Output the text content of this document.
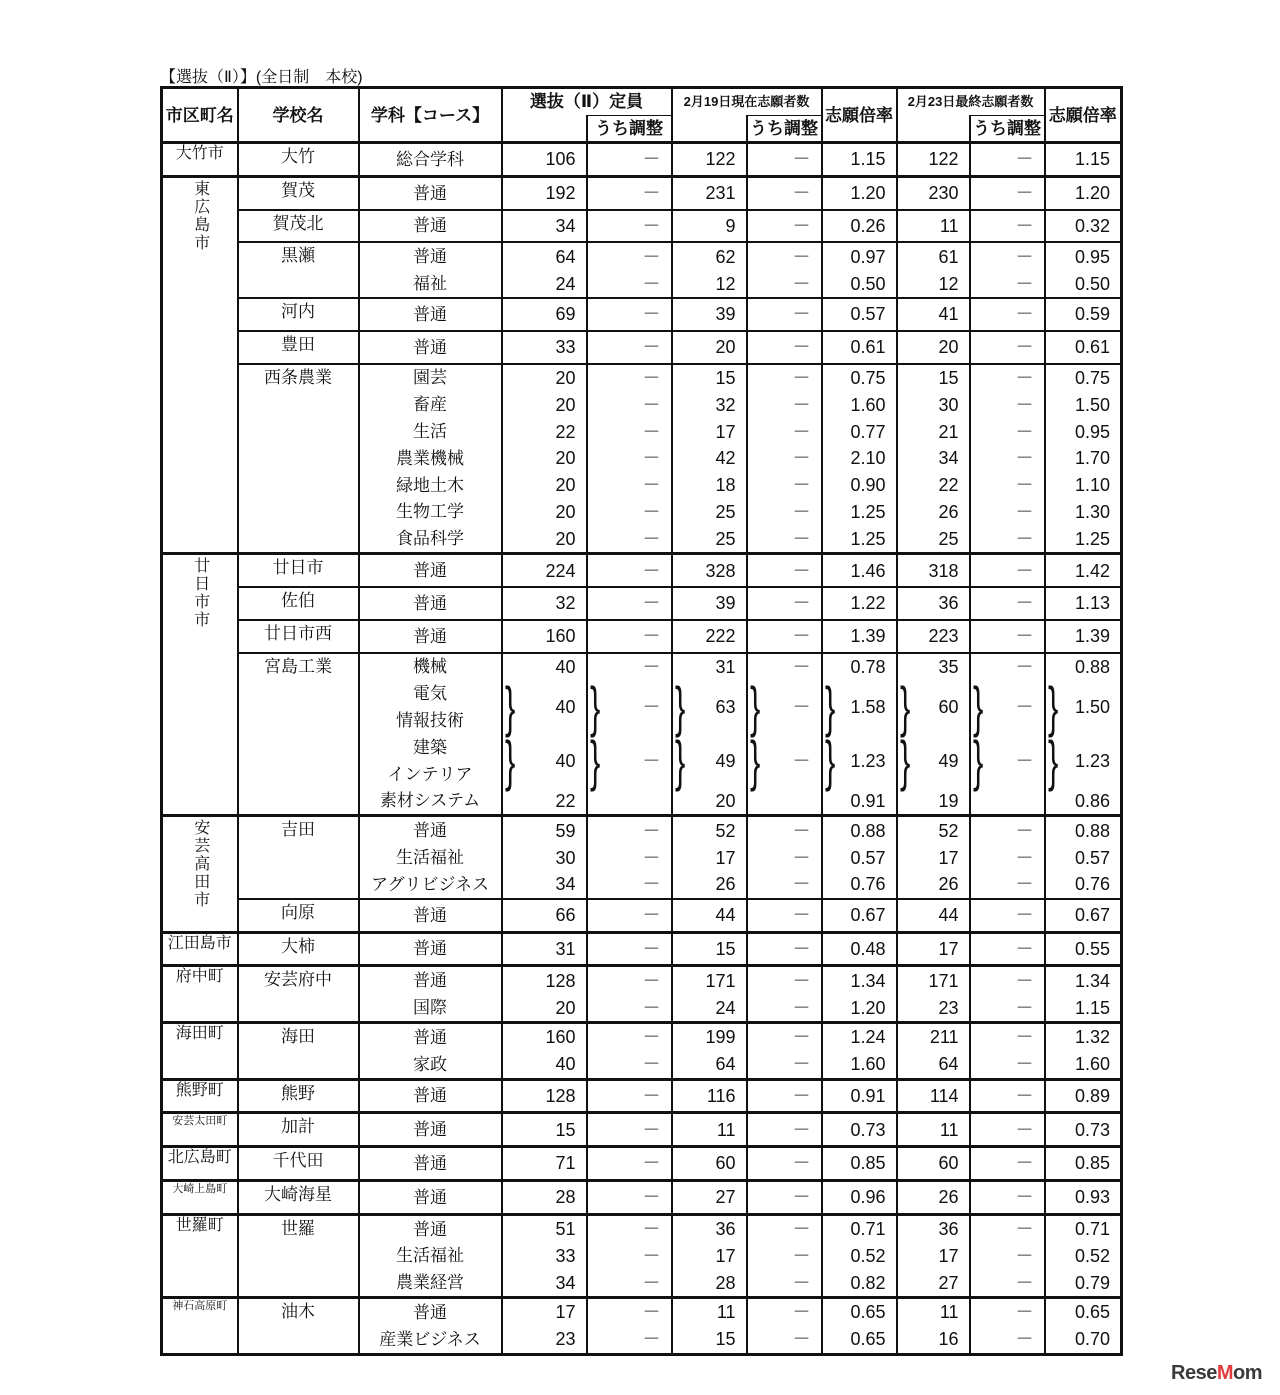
【選抜（Ⅱ）】(全日制　本校)
市区町名	学校名	学科【コース】	選抜（Ⅱ）定員		2月19日現在志願者数		志願倍率	2月23日最終志願者数		志願倍率
				うち調整		うち調整			うち調整	
大竹市	大竹	総合学科	106	－	122	－	1.15	122	－	1.15
東広島市	賀茂	普通	192	－	231	－	1.20	230	－	1.20
	賀茂北	普通	34	－	9	－	0.26	11	－	0.32
	黒瀬	普通	64	－	62	－	0.97	61	－	0.95
		福祉	24	－	12	－	0.50	12	－	0.50
	河内	普通	69	－	39	－	0.57	41	－	0.59
	豊田	普通	33	－	20	－	0.61	20	－	0.61
	西条農業	園芸	20	－	15	－	0.75	15	－	0.75
		畜産	20	－	32	－	1.60	30	－	1.50
		生活	22	－	17	－	0.77	21	－	0.95
		農業機械	20	－	42	－	2.10	34	－	1.70
		緑地土木	20	－	18	－	0.90	22	－	1.10
		生物工学	20	－	25	－	1.25	26	－	1.30
		食品科学	20	－	25	－	1.25	25	－	1.25
廿日市市	廿日市	普通	224	－	328	－	1.46	318	－	1.42
	佐伯	普通	32	－	39	－	1.22	36	－	1.13
	廿日市西	普通	160	－	222	－	1.39	223	－	1.39
	宮島工業	機械	40	－	31	－	0.78	35	－	0.88
		電気	} 40	} －	} 63	} －	} 1.58	} 60	} －	} 1.50
		情報技術								
		建築	} 40	} －	} 49	} －	} 1.23	} 49	} －	} 1.23
		インテリア								
		素材システム	22		20		0.91	19		0.86
安芸高田市	吉田	普通	59	－	52	－	0.88	52	－	0.88
		生活福祉	30	－	17	－	0.57	17	－	0.57
		アグリビジネス	34	－	26	－	0.76	26	－	0.76
	向原	普通	66	－	44	－	0.67	44	－	0.67
江田島市	大柿	普通	31	－	15	－	0.48	17	－	0.55
府中町	安芸府中	普通	128	－	171	－	1.34	171	－	1.34
		国際	20	－	24	－	1.20	23	－	1.15
海田町	海田	普通	160	－	199	－	1.24	211	－	1.32
		家政	40	－	64	－	1.60	64	－	1.60
熊野町	熊野	普通	128	－	116	－	0.91	114	－	0.89
安芸太田町	加計	普通	15	－	11	－	0.73	11	－	0.73
北広島町	千代田	普通	71	－	60	－	0.85	60	－	0.85
大崎上島町	大崎海星	普通	28	－	27	－	0.96	26	－	0.93
世羅町	世羅	普通	51	－	36	－	0.71	36	－	0.71
		生活福祉	33	－	17	－	0.52	17	－	0.52
		農業経営	34	－	28	－	0.82	27	－	0.79
神石高原町	油木	普通	17	－	11	－	0.65	11	－	0.65
		産業ビジネス	23	－	15	－	0.65	16	－	0.70
ReseMom
